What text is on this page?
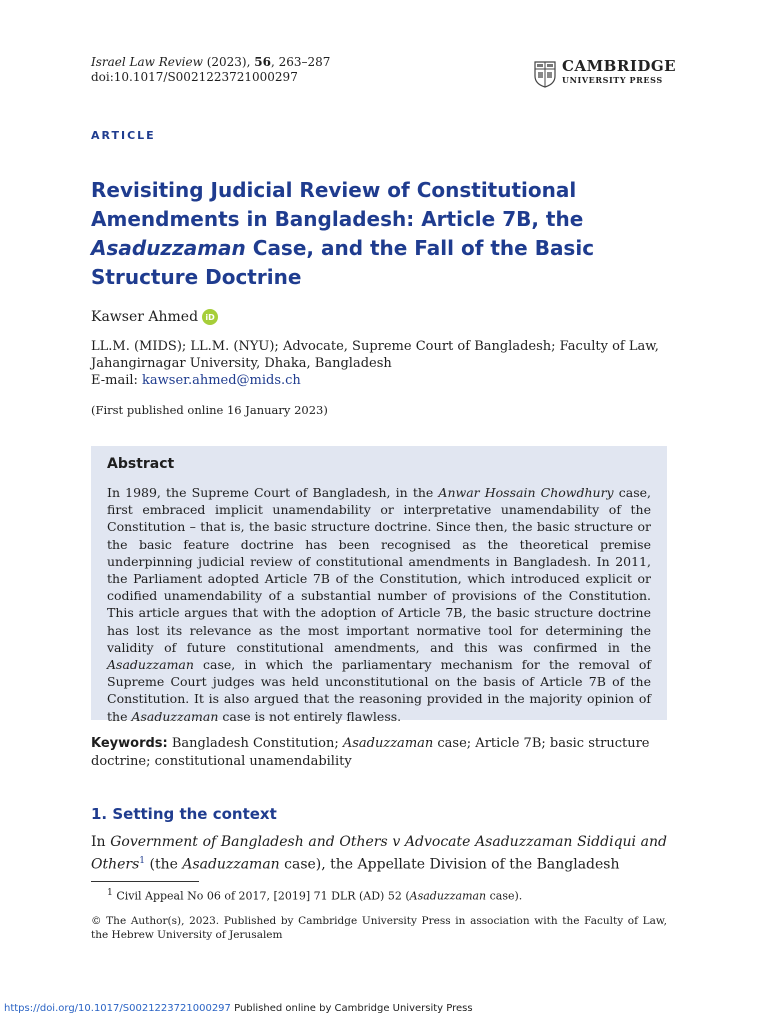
Israel Law Review (2023), 56, 263–287
doi:10.1017/S0021223721000297
CAMBRIDGE
UNIVERSITY PRESS
ARTICLE
Revisiting Judicial Review of Constitutional Amendments in Bangladesh: Article 7B, the Asaduzzaman Case, and the Fall of the Basic Structure Doctrine
Kawser Ahmed iD
LL.M. (MIDS); LL.M. (NYU); Advocate, Supreme Court of Bangladesh; Faculty of Law, Jahangirnagar University, Dhaka, Bangladesh
E-mail: kawser.ahmed@mids.ch
(First published online 16 January 2023)
Abstract
In 1989, the Supreme Court of Bangladesh, in the Anwar Hossain Chowdhury case, first embraced implicit unamendability or interpretative unamendability of the Constitution – that is, the basic structure doctrine. Since then, the basic structure or the basic feature doctrine has been recognised as the theoretical premise underpinning judicial review of constitutional amendments in Bangladesh. In 2011, the Parliament adopted Article 7B of the Constitution, which introduced explicit or codified unamendability of a substantial number of provisions of the Constitution. This article argues that with the adoption of Article 7B, the basic structure doctrine has lost its relevance as the most important normative tool for determining the validity of future constitutional amendments, and this was confirmed in the Asaduzzaman case, in which the parliamentary mechanism for the removal of Supreme Court judges was held unconstitutional on the basis of Article 7B of the Constitution. It is also argued that the reasoning provided in the majority opinion of the Asaduzzaman case is not entirely flawless.
Keywords: Bangladesh Constitution; Asaduzzaman case; Article 7B; basic structure doctrine; constitutional unamendability
1. Setting the context
In Government of Bangladesh and Others v Advocate Asaduzzaman Siddiqui and Others$^1$ (the Asaduzzaman case), the Appellate Division of the Bangladesh
$^1$ Civil Appeal No 06 of 2017, [2019] 71 DLR (AD) 52 (Asaduzzaman case).
© The Author(s), 2023. Published by Cambridge University Press in association with the Faculty of Law, the Hebrew University of Jerusalem
https://doi.org/10.1017/S0021223721000297 Published online by Cambridge University Press
